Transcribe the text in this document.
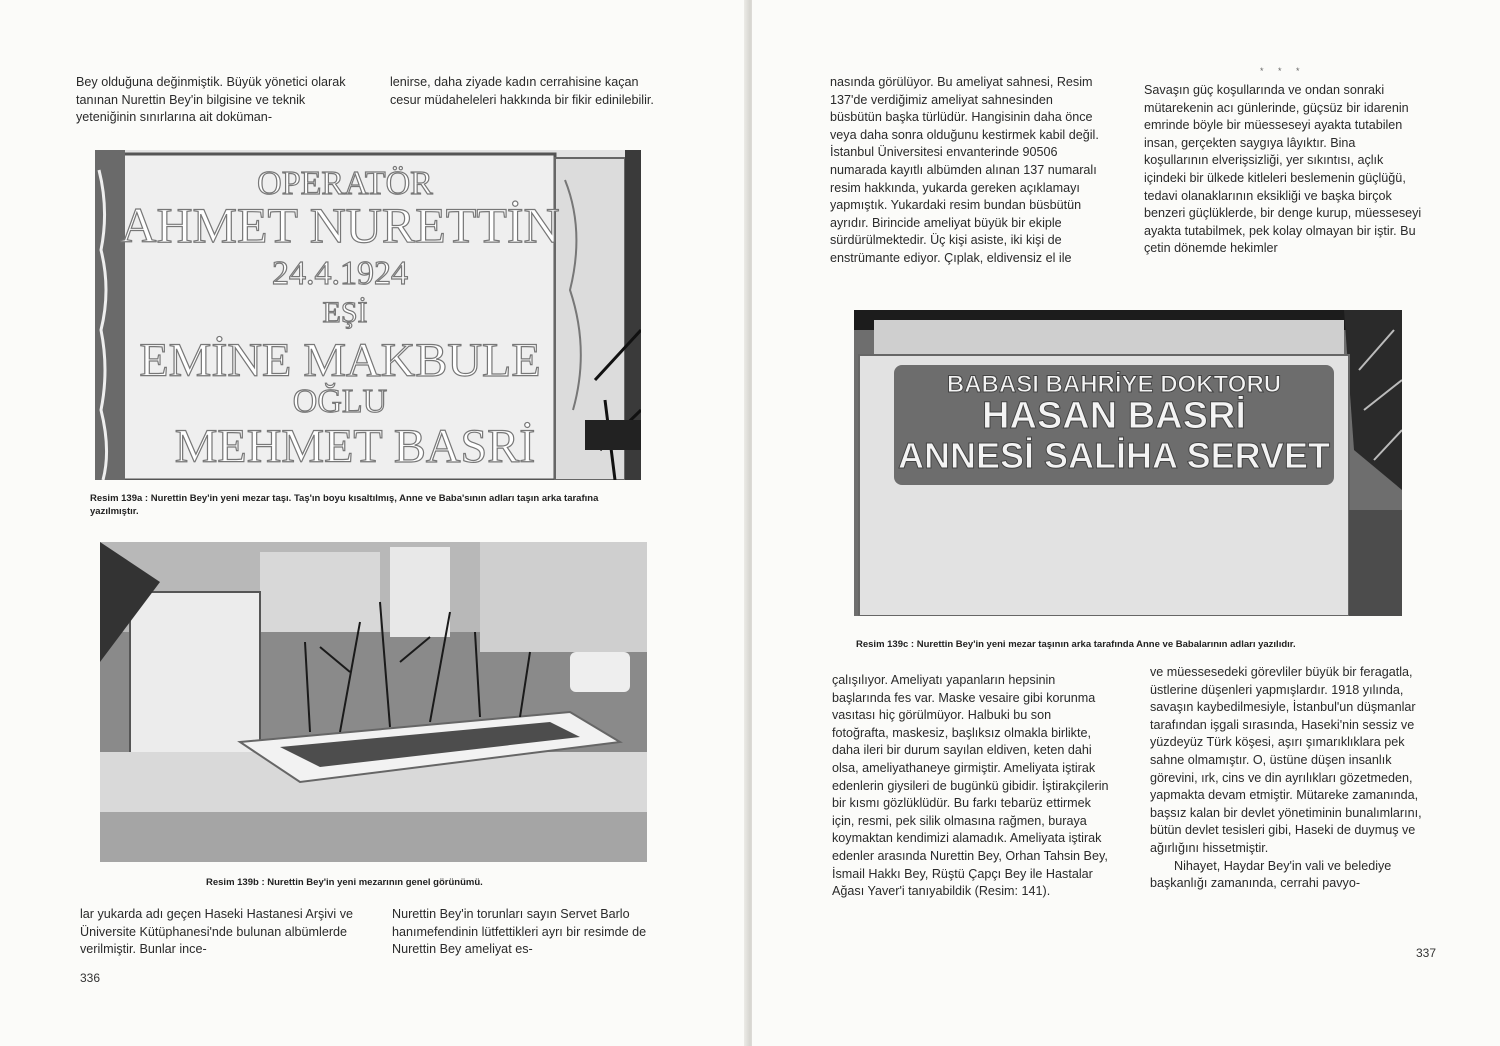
Bey olduğuna değinmiştik. Büyük yönetici olarak tanınan Nurettin Bey'in bilgisine ve teknik yeteniğinin sınırlarına ait doküman-

lenirse, daha ziyade kadın cerrahisine kaçan cesur müdaheleleri hakkında bir fikir edinilebilir.

OPERATÖR
AHMET NURETTİN
24.4.1924
EŞİ
EMİNE MAKBULE
OĞLU
MEHMET BASRİ
Resim 139a : Nurettin Bey'in yeni mezar taşı. Taş'ın boyu kısaltılmış, Anne ve Baba'sının adları taşın arka tarafına yazılmıştır.
Resim 139b : Nurettin Bey'in yeni mezarının genel görünümü.

lar yukarda adı geçen Haseki Hastanesi Arşivi ve Üniversite Kütüphanesi'nde bulunan albümlerde verilmiştir. Bunlar ince-

Nurettin Bey'in torunları sayın Servet Barlo hanımefendinin lütfettikleri ayrı bir resimde de Nurettin Bey ameliyat es-

336

nasında görülüyor. Bu ameliyat sahnesi, Resim 137'de verdiğimiz ameliyat sahnesinden büsbütün başka türlüdür. Hangisinin daha önce veya daha sonra olduğunu kestirmek kabil değil. İstanbul Üniversitesi envanterinde 90506 numarada kayıtlı albümden alınan 137 numaralı resim hakkında, yukarda gereken açıklamayı yapmıştık. Yukardaki resim bundan büsbütün ayrıdır. Birincide ameliyat büyük bir ekiple sürdürülmektedir. Üç kişi asiste, iki kişi de enstrümante ediyor. Çıplak, eldivensiz el ile

* * *

Savaşın güç koşullarında ve ondan sonraki mütarekenin acı günlerinde, güçsüz bir idarenin emrinde böyle bir müesseseyi ayakta tutabilen insan, gerçekten saygıya lâyıktır. Bina koşullarının elverişsizliği, yer sıkıntısı, açlık içindeki bir ülkede kitleleri beslemenin güçlüğü, tedavi olanaklarının eksikliği ve başka birçok benzeri güçlüklerde, bir denge kurup, müesseseyi ayakta tutabilmek, pek kolay olmayan bir iştir. Bu çetin dönemde hekimler

BABASI BAHRİYE DOKTORU
HASAN BASRİ
ANNESİ SALİHA SERVET
Resim 139c : Nurettin Bey'in yeni mezar taşının arka tarafında Anne ve Babalarının adları yazılıdır.

çalışılıyor. Ameliyatı yapanların hepsinin başlarında fes var. Maske vesaire gibi korunma vasıtası hiç görülmüyor. Halbuki bu son fotoğrafta, maskesiz, başlıksız olmakla birlikte, daha ileri bir durum sayılan eldiven, keten dahi olsa, ameliyathaneye girmiştir. Ameliyata iştirak edenlerin giysileri de bugünkü gibidir. İştirakçilerin bir kısmı gözlüklüdür. Bu farkı tebarüz ettirmek için, resmi, pek silik olmasına rağmen, buraya koymaktan kendimizi alamadık. Ameliyata iştirak edenler arasında Nurettin Bey, Orhan Tahsin Bey, İsmail Hakkı Bey, Rüştü Çapçı Bey ile Hastalar Ağası Yaver'i tanıyabildik (Resim: 141).

ve müessesedeki görevliler büyük bir feragatla, üstlerine düşenleri yapmışlardır. 1918 yılında, savaşın kaybedilmesiyle, İstanbul'un düşmanlar tarafından işgali sırasında, Haseki'nin sessiz ve yüzdeyüz Türk köşesi, aşırı şımarıklıklara pek sahne olmamıştır. O, üstüne düşen insanlık görevini, ırk, cins ve din ayrılıkları gözetmeden, yapmakta devam etmiştir. Mütareke zamanında, başsız kalan bir devlet yönetiminin bunalımlarını, bütün devlet tesisleri gibi, Haseki de duymuş ve ağırlığını hissetmiştir.

Nihayet, Haydar Bey'in vali ve belediye başkanlığı zamanında, cerrahi pavyo-

337
